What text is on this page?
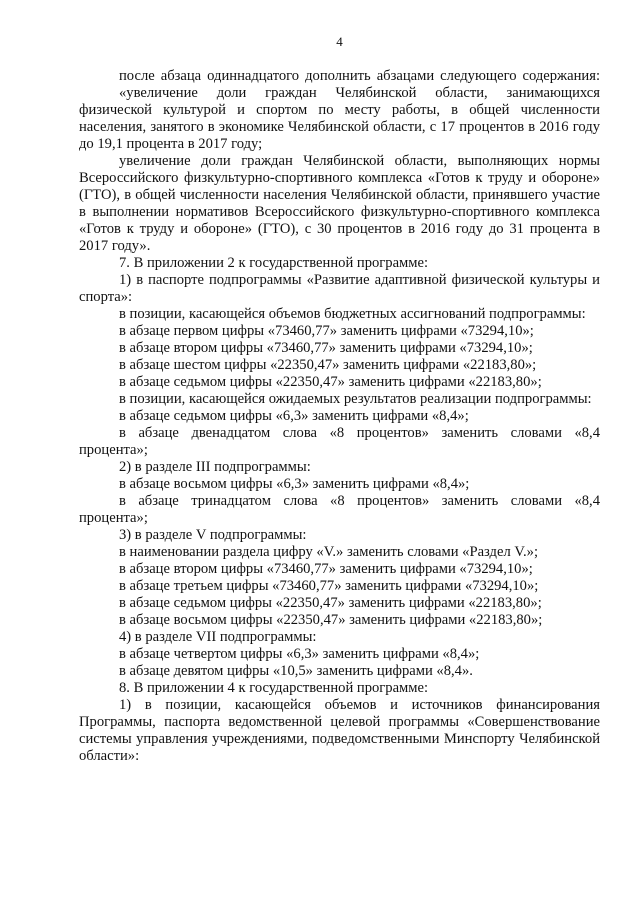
4

после абзаца одиннадцатого дополнить абзацами следующего содержания:

«увеличение доли граждан Челябинской области, занимающихся физической культурой и спортом по месту работы, в общей численности населения, занятого в экономике Челябинской области, с 17 процентов в 2016 году до 19,1 процента в 2017 году;

увеличение доли граждан Челябинской области, выполняющих нормы Всероссийского физкультурно-спортивного комплекса «Готов к труду и обороне» (ГТО), в общей численности населения Челябинской области, принявшего участие в выполнении нормативов Всероссийского физкультурно-спортивного комплекса «Готов к труду и обороне» (ГТО), с 30 процентов в 2016 году до 31 процента в 2017 году».

7. В приложении 2 к государственной программе:

1) в паспорте подпрограммы «Развитие адаптивной физической культуры и спорта»:

в позиции, касающейся объемов бюджетных ассигнований подпрограммы:

в абзаце первом цифры «73460,77» заменить цифрами «73294,10»;

в абзаце втором цифры «73460,77» заменить цифрами «73294,10»;

в абзаце шестом цифры «22350,47» заменить цифрами «22183,80»;

в абзаце седьмом цифры «22350,47» заменить цифрами «22183,80»;

в позиции, касающейся ожидаемых результатов реализации подпрограммы:

в абзаце седьмом цифры «6,3» заменить цифрами «8,4»;

в абзаце двенадцатом слова «8 процентов» заменить словами «8,4 процента»;

2) в разделе III подпрограммы:

в абзаце восьмом цифры «6,3» заменить цифрами «8,4»;

в абзаце тринадцатом слова «8 процентов» заменить словами «8,4 процента»;

3) в разделе V подпрограммы:

в наименовании раздела цифру «V.» заменить словами «Раздел V.»;

в абзаце втором цифры «73460,77» заменить цифрами «73294,10»;

в абзаце третьем цифры «73460,77» заменить цифрами «73294,10»;

в абзаце седьмом цифры «22350,47» заменить цифрами «22183,80»;

в абзаце восьмом цифры «22350,47» заменить цифрами «22183,80»;

4) в разделе VII подпрограммы:

в абзаце четвертом цифры «6,3» заменить цифрами «8,4»;

в абзаце девятом цифры «10,5» заменить цифрами «8,4».

8. В приложении 4 к государственной программе:

1) в позиции, касающейся объемов и источников финансирования Программы, паспорта ведомственной целевой программы «Совершенствование системы управления учреждениями, подведомственными Минспорту Челябинской области»:
